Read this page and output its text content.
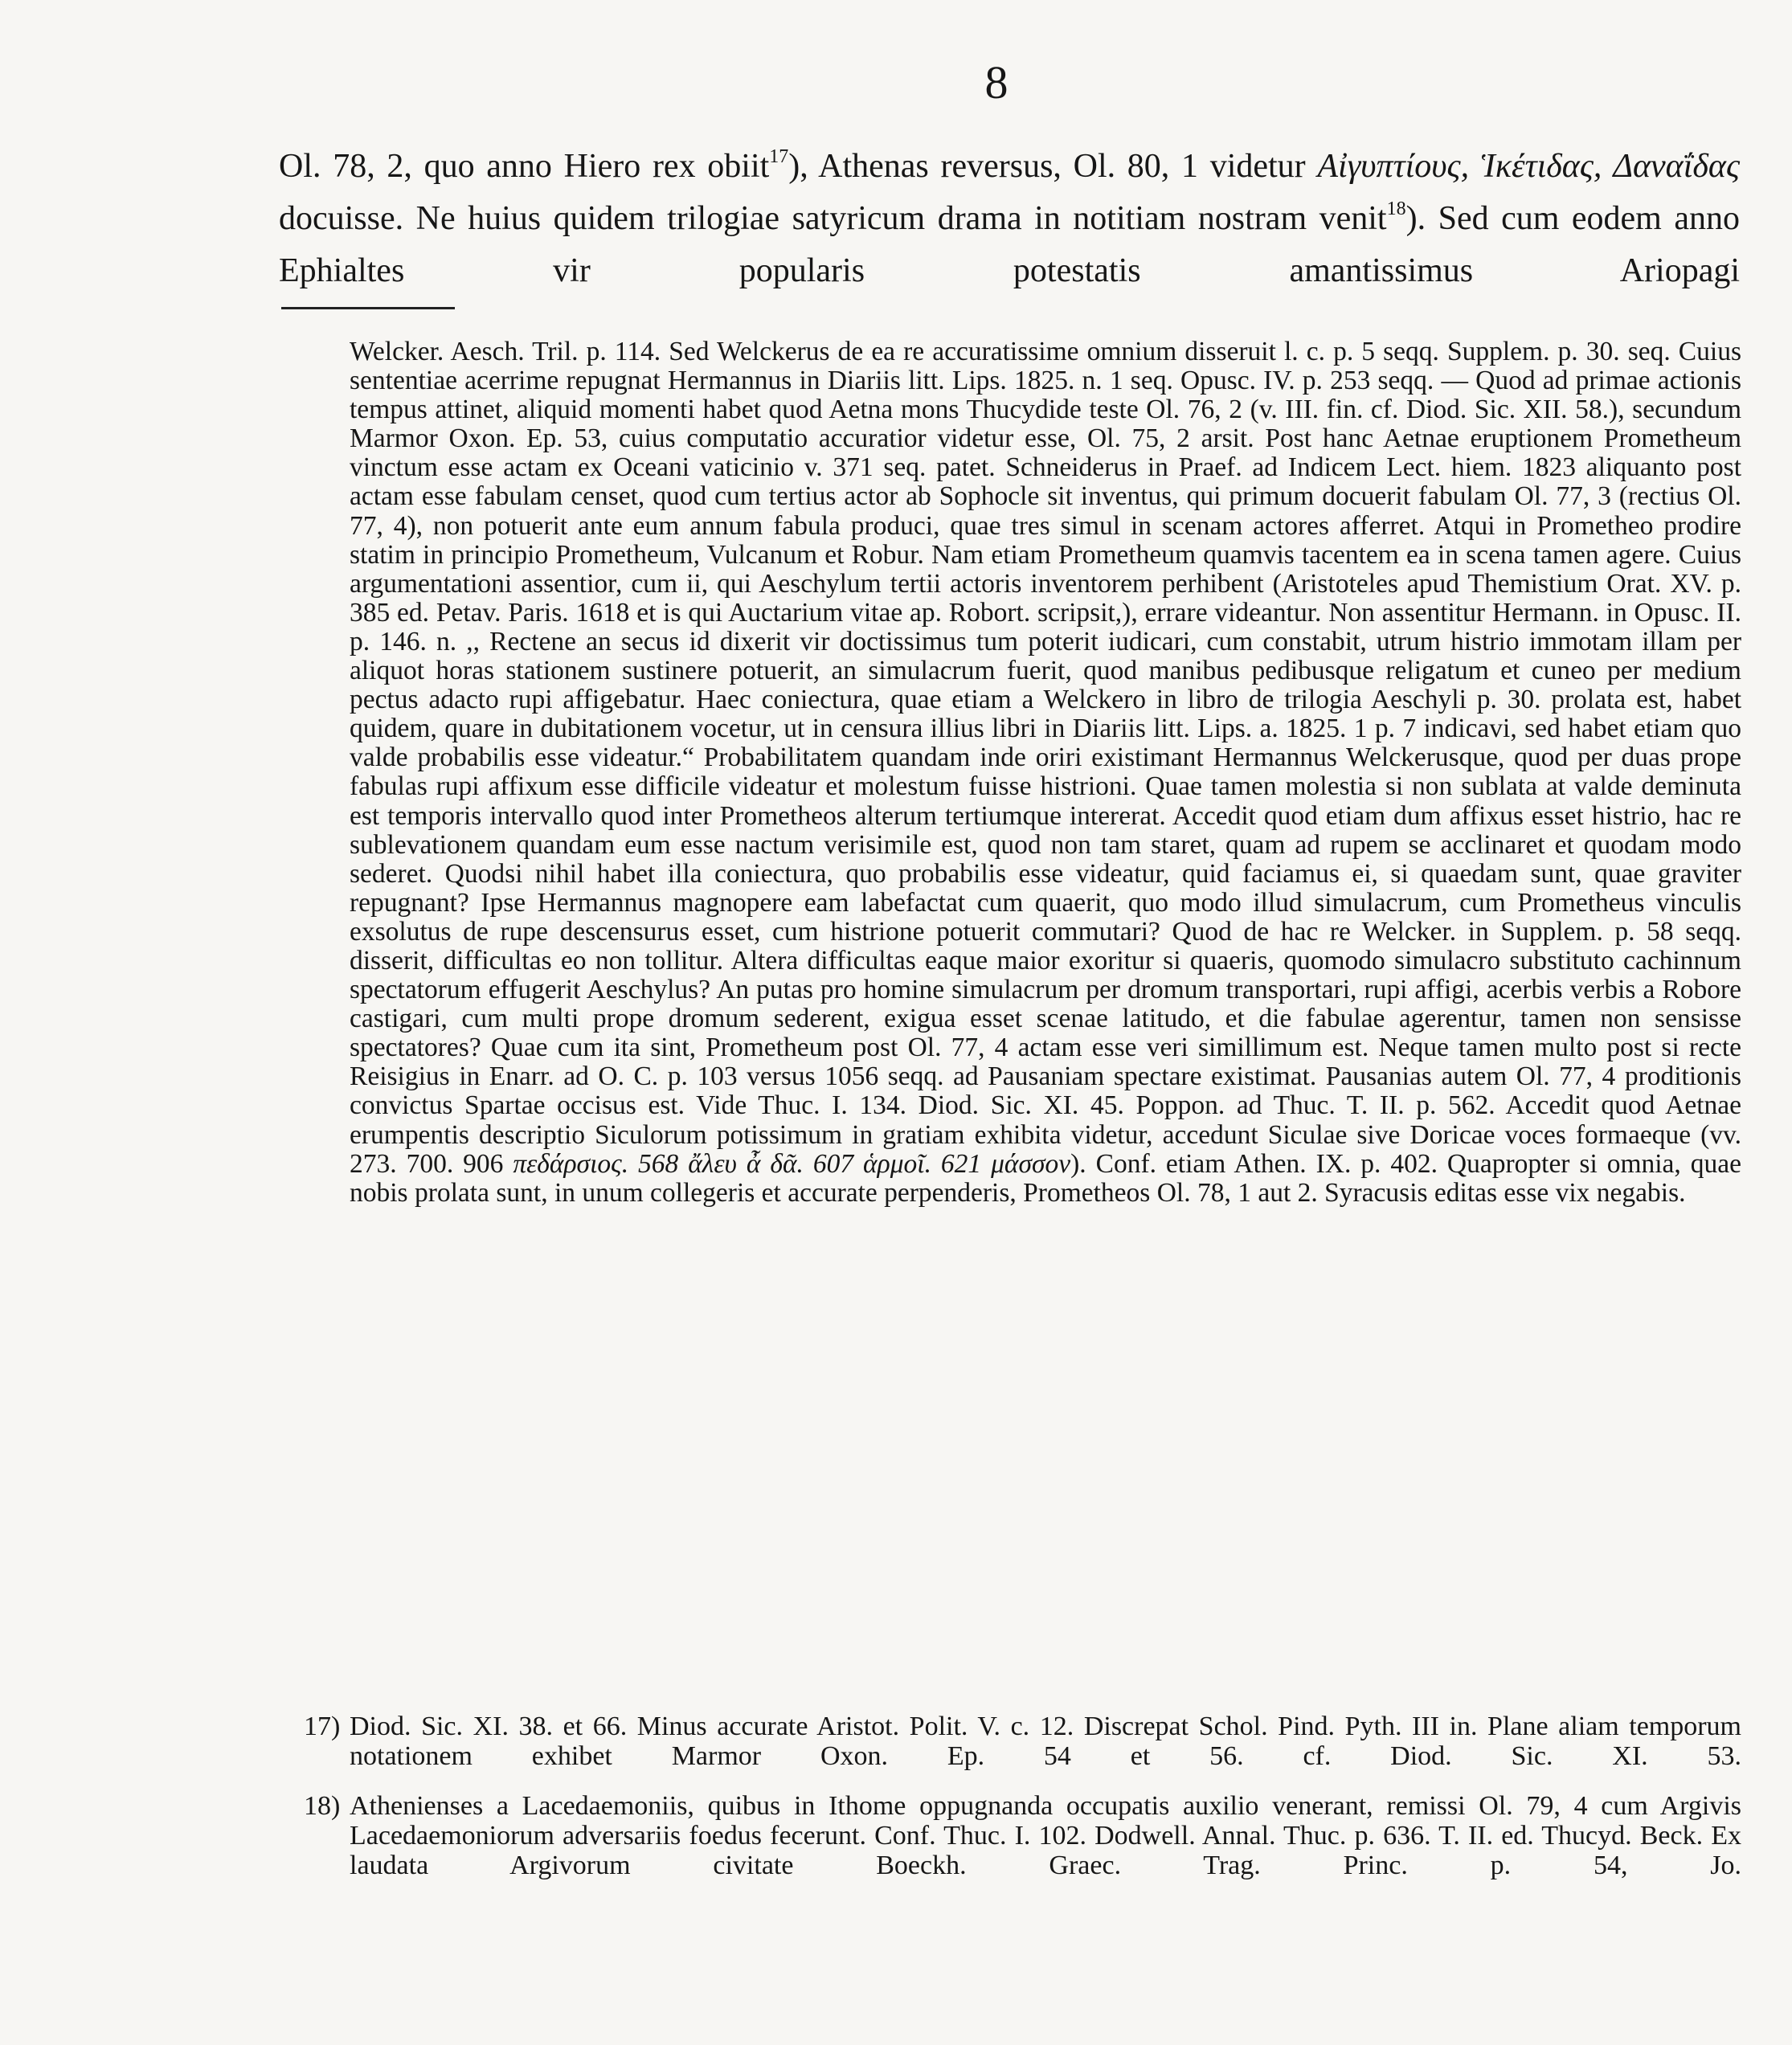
8
Ol. 78, 2, quo anno Hiero rex obiit$^{17}$), Athenas reversus, Ol. 80, 1 videtur Αἰγυπτίους, Ἱκέτιδας, Δαναΐδας docuisse. Ne huius quidem trilogiae satyricum drama in notitiam nostram venit$^{18}$). Sed cum eodem anno Ephialtes vir popularis potestatis amantissimus Ariopagi

Welcker. Aesch. Tril. p. 114. Sed Welckerus de ea re accuratissime omnium disseruit l. c. p. 5 seqq. Supplem. p. 30. seq. Cuius sententiae acerrime repugnat Hermannus in Diariis litt. Lips. 1825. n. 1 seq. Opusc. IV. p. 253 seqq. — Quod ad primae actionis tempus attinet, aliquid momenti habet quod Aetna mons Thucydide teste Ol. 76, 2 (v. III. fin. cf. Diod. Sic. XII. 58.), secundum Marmor Oxon. Ep. 53, cuius computatio accuratior videtur esse, Ol. 75, 2 arsit. Post hanc Aetnae eruptionem Prometheum vinctum esse actam ex Oceani vaticinio v. 371 seq. patet. Schneiderus in Praef. ad Indicem Lect. hiem. 1823 aliquanto post actam esse fabulam censet, quod cum tertius actor ab Sophocle sit inventus, qui primum docuerit fabulam Ol. 77, 3 (rectius Ol. 77, 4), non potuerit ante eum annum fabula produci, quae tres simul in scenam actores afferret. Atqui in Prometheo prodire statim in principio Prometheum, Vulcanum et Robur. Nam etiam Prometheum quamvis tacentem ea in scena tamen agere. Cuius argumentationi assentior, cum ii, qui Aeschylum tertii actoris inventorem perhibent (Aristoteles apud Themistium Orat. XV. p. 385 ed. Petav. Paris. 1618 et is qui Auctarium vitae ap. Robort. scripsit,), errare videantur. Non assentitur Hermann. in Opusc. II. p. 146. n. ,, Rectene an secus id dixerit vir doctissimus tum poterit iudicari, cum constabit, utrum histrio immotam illam per aliquot horas stationem sustinere potuerit, an simulacrum fuerit, quod manibus pedibusque religatum et cuneo per medium pectus adacto rupi affigebatur. Haec coniectura, quae etiam a Welckero in libro de trilogia Aeschyli p. 30. prolata est, habet quidem, quare in dubitationem vocetur, ut in censura illius libri in Diariis litt. Lips. a. 1825. 1 p. 7 indicavi, sed habet etiam quo valde probabilis esse videatur.“ Probabilitatem quandam inde oriri existimant Hermannus Welckerusque, quod per duas prope fabulas rupi affixum esse difficile videatur et molestum fuisse histrioni. Quae tamen molestia si non sublata at valde deminuta est temporis intervallo quod inter Prometheos alterum tertiumque intererat. Accedit quod etiam dum affixus esset histrio, hac re sublevationem quandam eum esse nactum verisimile est, quod non tam staret, quam ad rupem se acclinaret et quodam modo sederet. Quodsi nihil habet illa coniectura, quo probabilis esse videatur, quid faciamus ei, si quaedam sunt, quae graviter repugnant? Ipse Hermannus magnopere eam labefactat cum quaerit, quo modo illud simulacrum, cum Prometheus vinculis exsolutus de rupe descensurus esset, cum histrione potuerit commutari? Quod de hac re Welcker. in Supplem. p. 58 seqq. disserit, difficultas eo non tollitur. Altera difficultas eaque maior exoritur si quaeris, quomodo simulacro substituto cachinnum spectatorum effugerit Aeschylus? An putas pro homine simulacrum per dromum transportari, rupi affigi, acerbis verbis a Robore castigari, cum multi prope dromum sederent, exigua esset scenae latitudo, et die fabulae agerentur, tamen non sensisse spectatores? Quae cum ita sint, Prometheum post Ol. 77, 4 actam esse veri simillimum est. Neque tamen multo post si recte Reisigius in Enarr. ad O. C. p. 103 versus 1056 seqq. ad Pausaniam spectare existimat. Pausanias autem Ol. 77, 4 proditionis convictus Spartae occisus est. Vide Thuc. I. 134. Diod. Sic. XI. 45. Poppon. ad Thuc. T. II. p. 562. Accedit quod Aetnae erumpentis descriptio Siculorum potissimum in gratiam exhibita videtur, accedunt Siculae sive Doricae voces formaeque (vv. 273. 700. 906 πεδάρσιος. 568 ἄλευ ἆ δᾶ. 607 ἁρμοῖ. 621 μάσσον). Conf. etiam Athen. IX. p. 402. Quapropter si omnia, quae nobis prolata sunt, in unum collegeris et accurate perpenderis, Prometheos Ol. 78, 1 aut 2. Syracusis editas esse vix negabis.

17) Diod. Sic. XI. 38. et 66. Minus accurate Aristot. Polit. V. c. 12. Discrepat Schol. Pind. Pyth. III in. Plane aliam temporum notationem exhibet Marmor Oxon. Ep. 54 et 56. cf. Diod. Sic. XI. 53.
18) Athenienses a Lacedaemoniis, quibus in Ithome oppugnanda occupatis auxilio venerant, remissi Ol. 79, 4 cum Argivis Lacedaemoniorum adversariis foedus fecerunt. Conf. Thuc. I. 102. Dodwell. Annal. Thuc. p. 636. T. II. ed. Thucyd. Beck. Ex laudata Argivorum civitate Boeckh. Graec. Trag. Princ. p. 54, Jo.
